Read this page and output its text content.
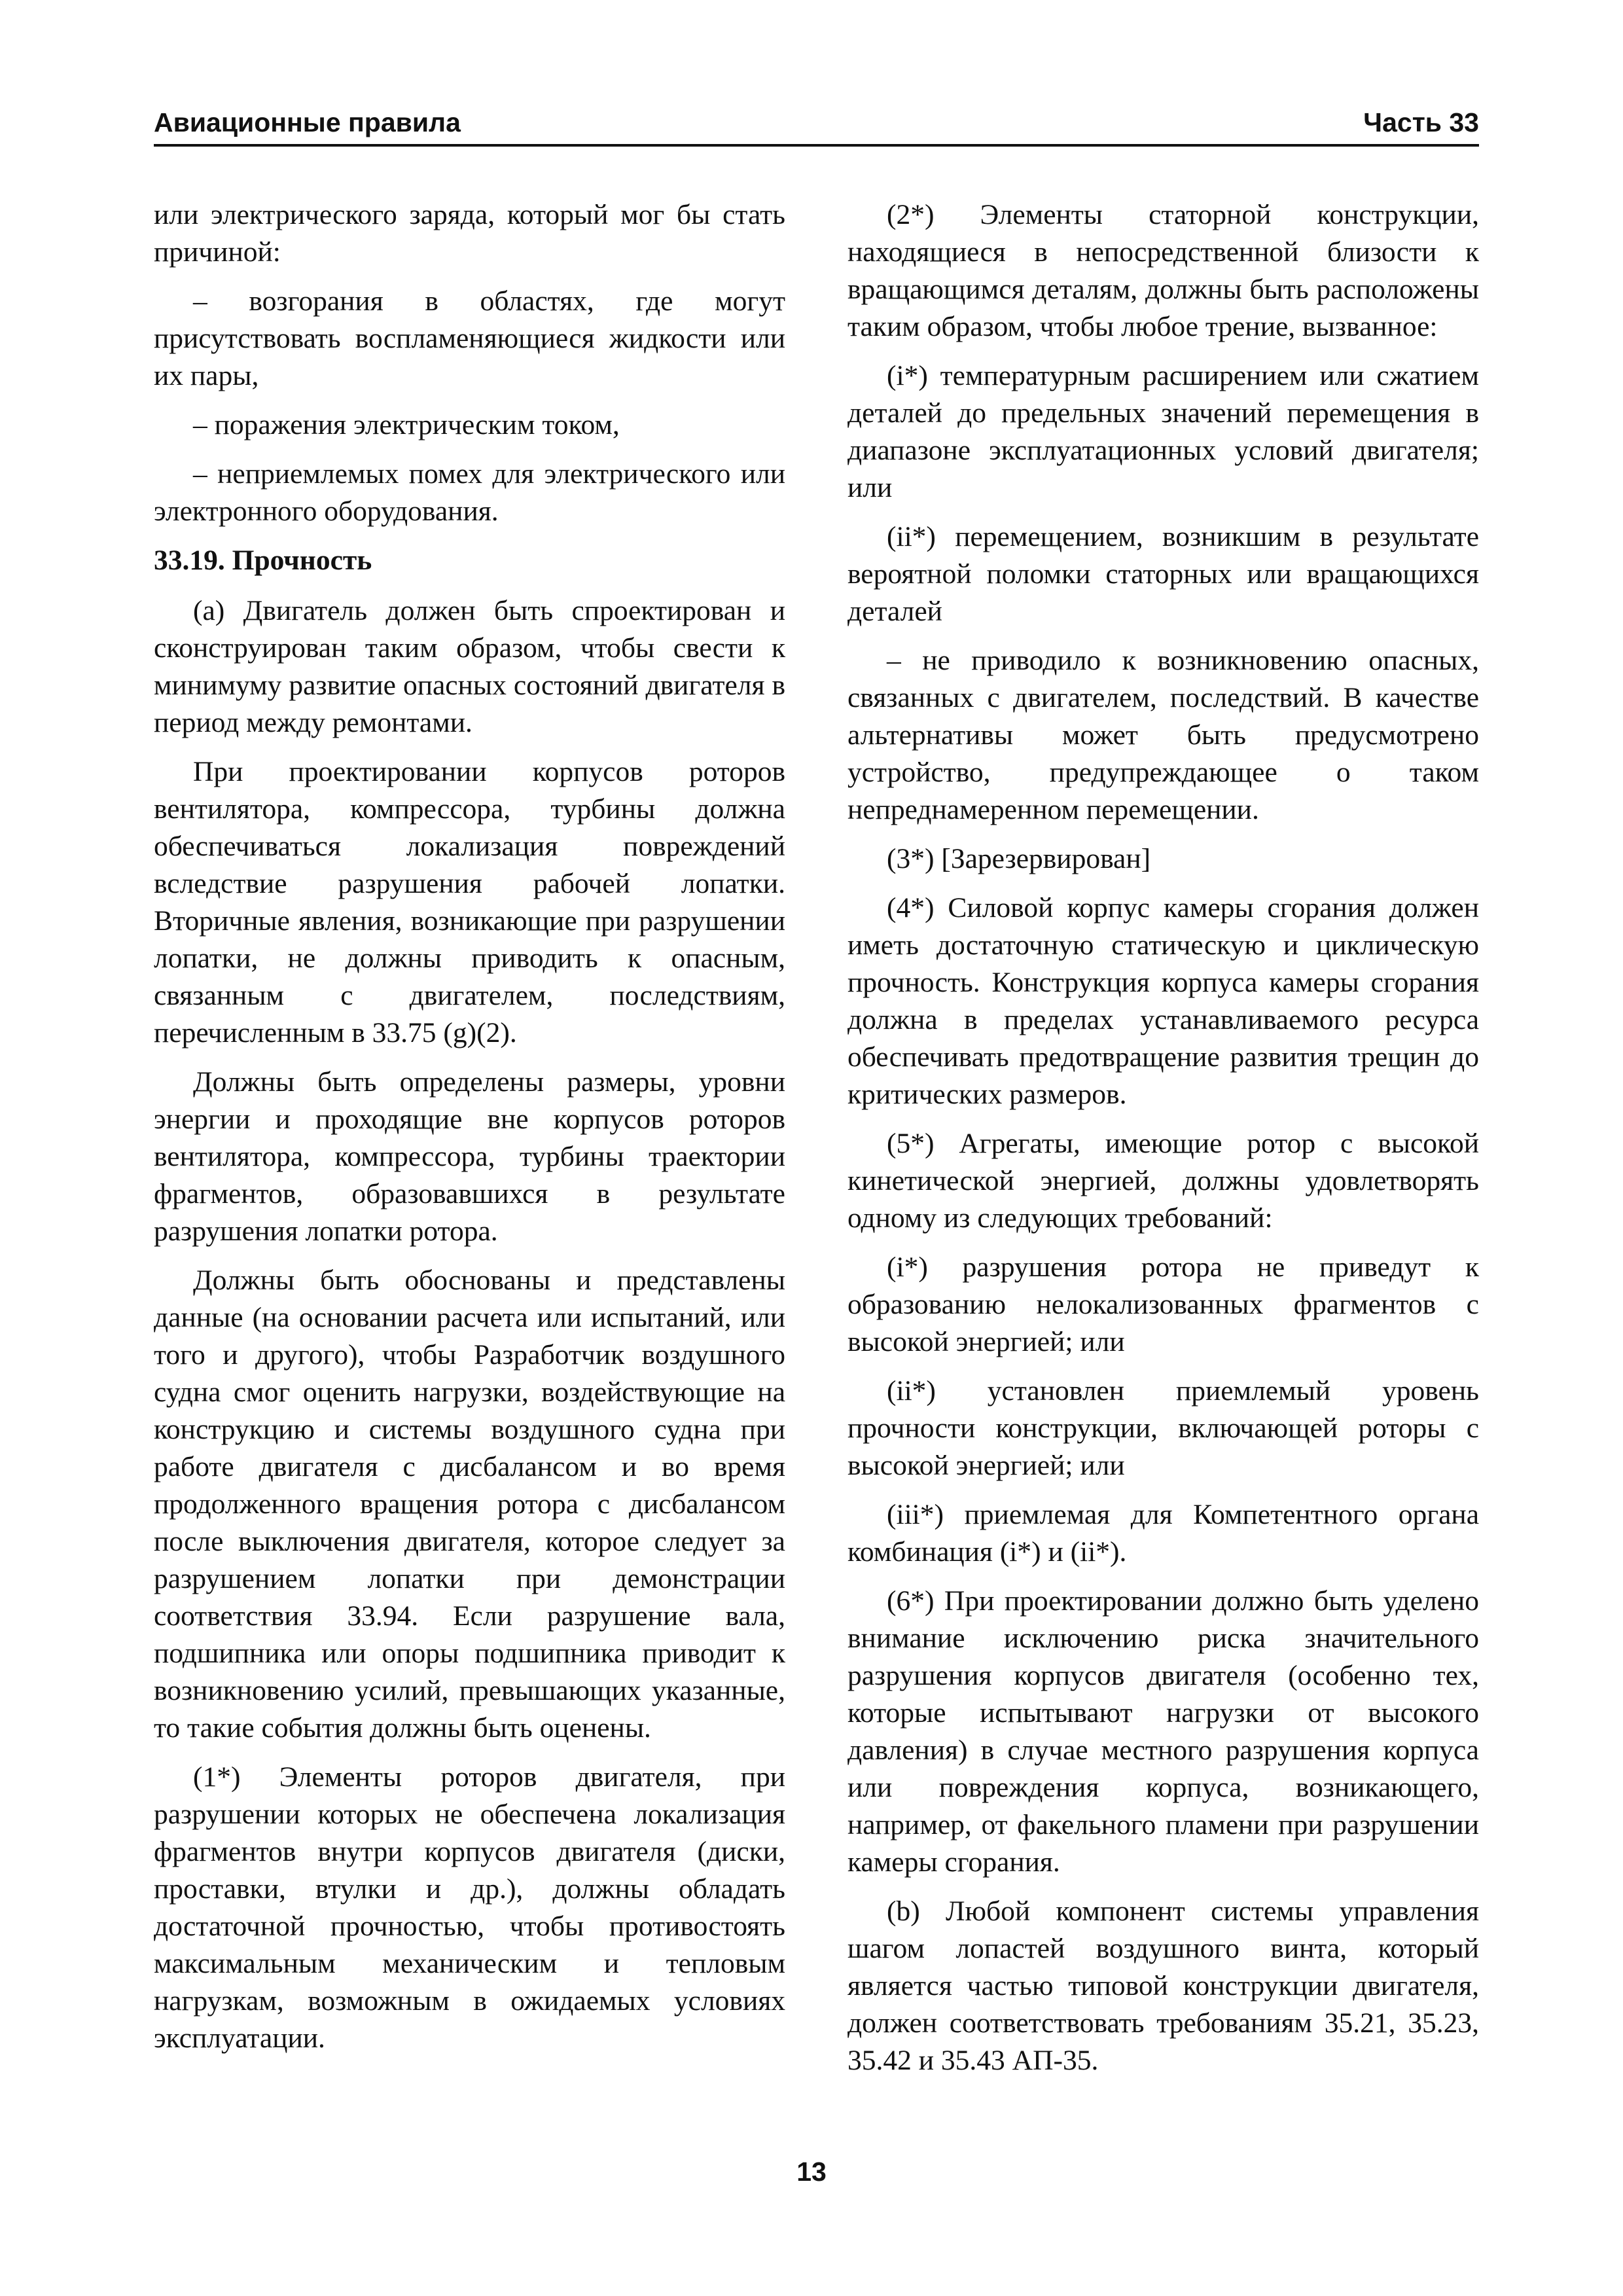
Авиационные правила	Часть 33

или электрического заряда, который мог бы стать причиной:

– возгорания в областях, где могут присутствовать воспламеняющиеся жидкости или их пары,

– поражения электрическим током,

– неприемлемых помех для электрического или электронного оборудования.

33.19. Прочность

(a) Двигатель должен быть спроектирован и сконструирован таким образом, чтобы свести к минимуму развитие опасных состояний двигателя в период между ремонтами.

При проектировании корпусов роторов вентилятора, компрессора, турбины должна обеспечиваться локализация повреждений вследствие разрушения рабочей лопатки. Вторичные явления, возникающие при разрушении лопатки, не должны приводить к опасным, связанным с двигателем, последствиям, перечисленным в 33.75 (g)(2).

Должны быть определены размеры, уровни энергии и проходящие вне корпусов роторов вентилятора, компрессора, турбины траектории фрагментов, образовавшихся в результате разрушения лопатки ротора.

Должны быть обоснованы и представлены данные (на основании расчета или испытаний, или того и другого), чтобы Разработчик воздушного судна смог оценить нагрузки, воздействующие на конструкцию и системы воздушного судна при работе двигателя с дисбалансом и во время продолженного вращения ротора с дисбалансом после выключения двигателя, которое следует за разрушением лопатки при демонстрации соответствия 33.94. Если разрушение вала, подшипника или опоры подшипника приводит к возникновению усилий, превышающих указанные, то такие события должны быть оценены.

(1*) Элементы роторов двигателя, при разрушении которых не обеспечена локализация фрагментов внутри корпусов двигателя (диски, проставки, втулки и др.), должны обладать достаточной прочностью, чтобы противостоять максимальным механическим и тепловым нагрузкам, возможным в ожидаемых условиях эксплуатации.

(2*) Элементы статорной конструкции, находящиеся в непосредственной близости к вращающимся деталям, должны быть расположены таким образом, чтобы любое трение, вызванное:

(i*) температурным расширением или сжатием деталей до предельных значений перемещения в диапазоне эксплуатационных условий двигателя; или

(ii*) перемещением, возникшим в результате вероятной поломки статорных или вращающихся деталей

– не приводило к возникновению опасных, связанных с двигателем, последствий. В качестве альтернативы может быть предусмотрено устройство, предупреждающее о таком непреднамеренном перемещении.

(3*) [Зарезервирован]

(4*) Силовой корпус камеры сгорания должен иметь достаточную статическую и циклическую прочность. Конструкция корпуса камеры сгорания должна в пределах устанавливаемого ресурса обеспечивать предотвращение развития трещин до критических размеров.

(5*) Агрегаты, имеющие ротор с высокой кинетической энергией, должны удовлетворять одному из следующих требований:

(i*) разрушения ротора не приведут к образованию нелокализованных фрагментов с высокой энергией; или

(ii*) установлен приемлемый уровень прочности конструкции, включающей роторы с высокой энергией; или

(iii*) приемлемая для Компетентного органа комбинация (i*) и (ii*).

(6*) При проектировании должно быть уделено внимание исключению риска значительного разрушения корпусов двигателя (особенно тех, которые испытывают нагрузки от высокого давления) в случае местного разрушения корпуса или повреждения корпуса, возникающего, например, от факельного пламени при разрушении камеры сгорания.

(b) Любой компонент системы управления шагом лопастей воздушного винта, который является частью типовой конструкции двигателя, должен соответствовать требованиям 35.21, 35.23, 35.42 и 35.43 АП-35.

13
